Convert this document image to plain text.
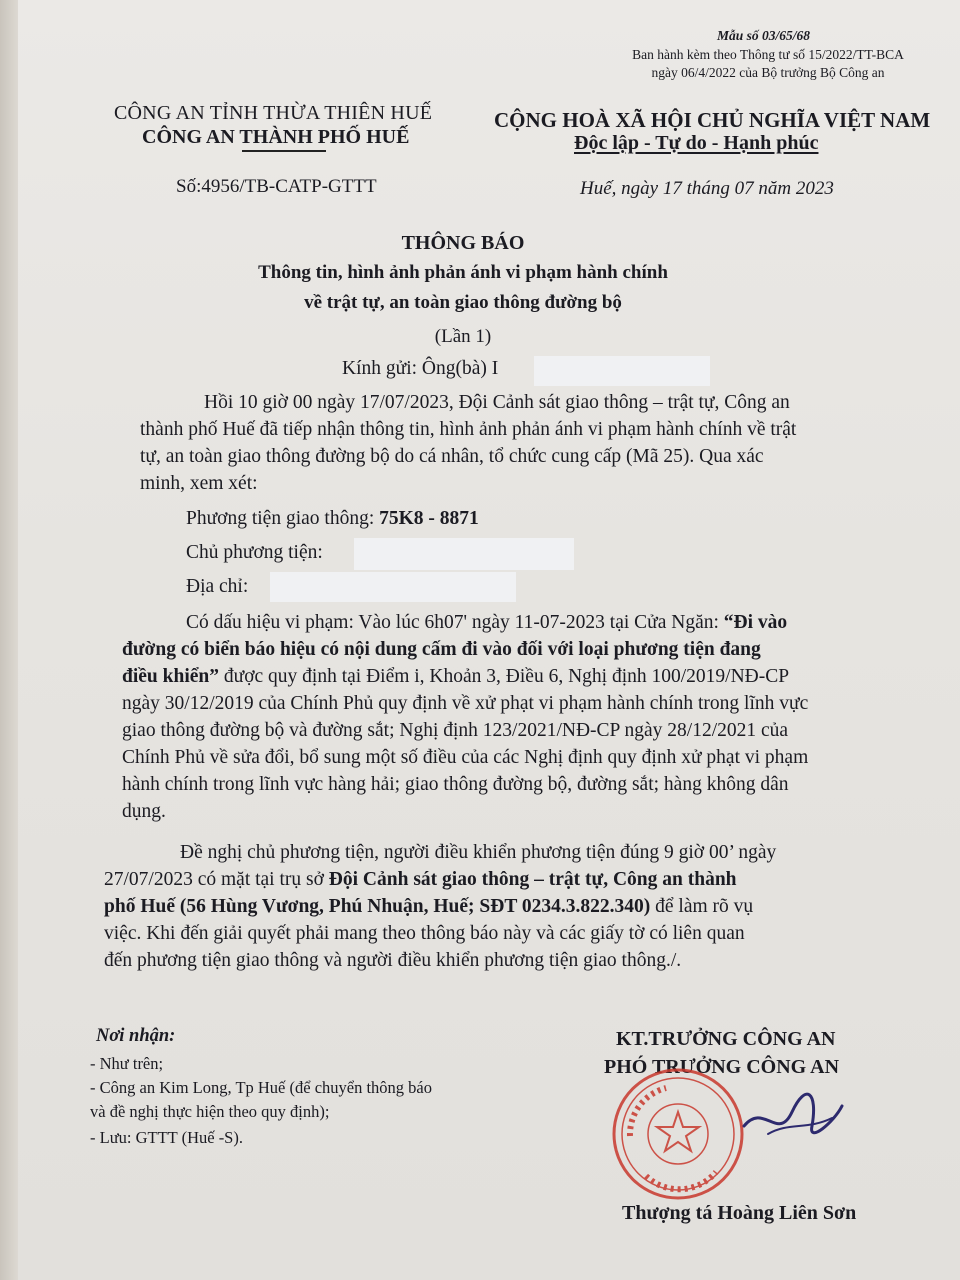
Mẫu số 03/65/68
Ban hành kèm theo Thông tư số 15/2022/TT-BCA
ngày 06/4/2022 của Bộ trưởng Bộ Công an
CÔNG AN TỈNH THỪA THIÊN HUẾ
CÔNG AN THÀNH PHỐ HUẾ
CỘNG HOÀ XÃ HỘI CHỦ NGHĨA VIỆT NAM
Độc lập - Tự do - Hạnh phúc
Số:4956/TB-CATP-GTTT	Huế, ngày 17 tháng 07 năm 2023
THÔNG BÁO
Thông tin, hình ảnh phản ánh vi phạm hành chính
về trật tự, an toàn giao thông đường bộ
(Lần 1)
Kính gửi: Ông(bà) I
Hồi 10 giờ 00 ngày 17/07/2023, Đội Cảnh sát giao thông – trật tự, Công an
thành phố Huế đã tiếp nhận thông tin, hình ảnh phản ánh vi phạm hành chính về trật
tự, an toàn giao thông đường bộ do cá nhân, tổ chức cung cấp (Mã 25). Qua xác
minh, xem xét:
Phương tiện giao thông: 75K8 - 8871
Chủ phương tiện:
Địa chỉ:
Có dấu hiệu vi phạm: Vào lúc 6h07' ngày 11-07-2023 tại Cửa Ngăn: “Đi vào
đường có biển báo hiệu có nội dung cấm đi vào đối với loại phương tiện đang
điều khiển” được quy định tại Điểm i, Khoản 3, Điều 6, Nghị định 100/2019/NĐ-CP
ngày 30/12/2019 của Chính Phủ quy định về xử phạt vi phạm hành chính trong lĩnh vực
giao thông đường bộ và đường sắt; Nghị định 123/2021/NĐ-CP ngày 28/12/2021 của
Chính Phủ về sửa đổi, bổ sung một số điều của các Nghị định quy định xử phạt vi phạm
hành chính trong lĩnh vực hàng hải; giao thông đường bộ, đường sắt; hàng không dân
dụng.
Đề nghị chủ phương tiện, người điều khiển phương tiện đúng 9 giờ 00’ ngày
27/07/2023 có mặt tại trụ sở Đội Cảnh sát giao thông – trật tự, Công an thành
phố Huế (56 Hùng Vương, Phú Nhuận, Huế; SĐT 0234.3.822.340) để làm rõ vụ
việc. Khi đến giải quyết phải mang theo thông báo này và các giấy tờ có liên quan
đến phương tiện giao thông và người điều khiển phương tiện giao thông./.
Nơi nhận:
- Như trên;
- Công an Kim Long, Tp Huế (để chuyển thông báo
và đề nghị thực hiện theo quy định);
- Lưu: GTTT (Huế -S).
KT.TRƯỞNG CÔNG AN
PHÓ TRƯỞNG CÔNG AN
Thượng tá Hoàng Liên Sơn
